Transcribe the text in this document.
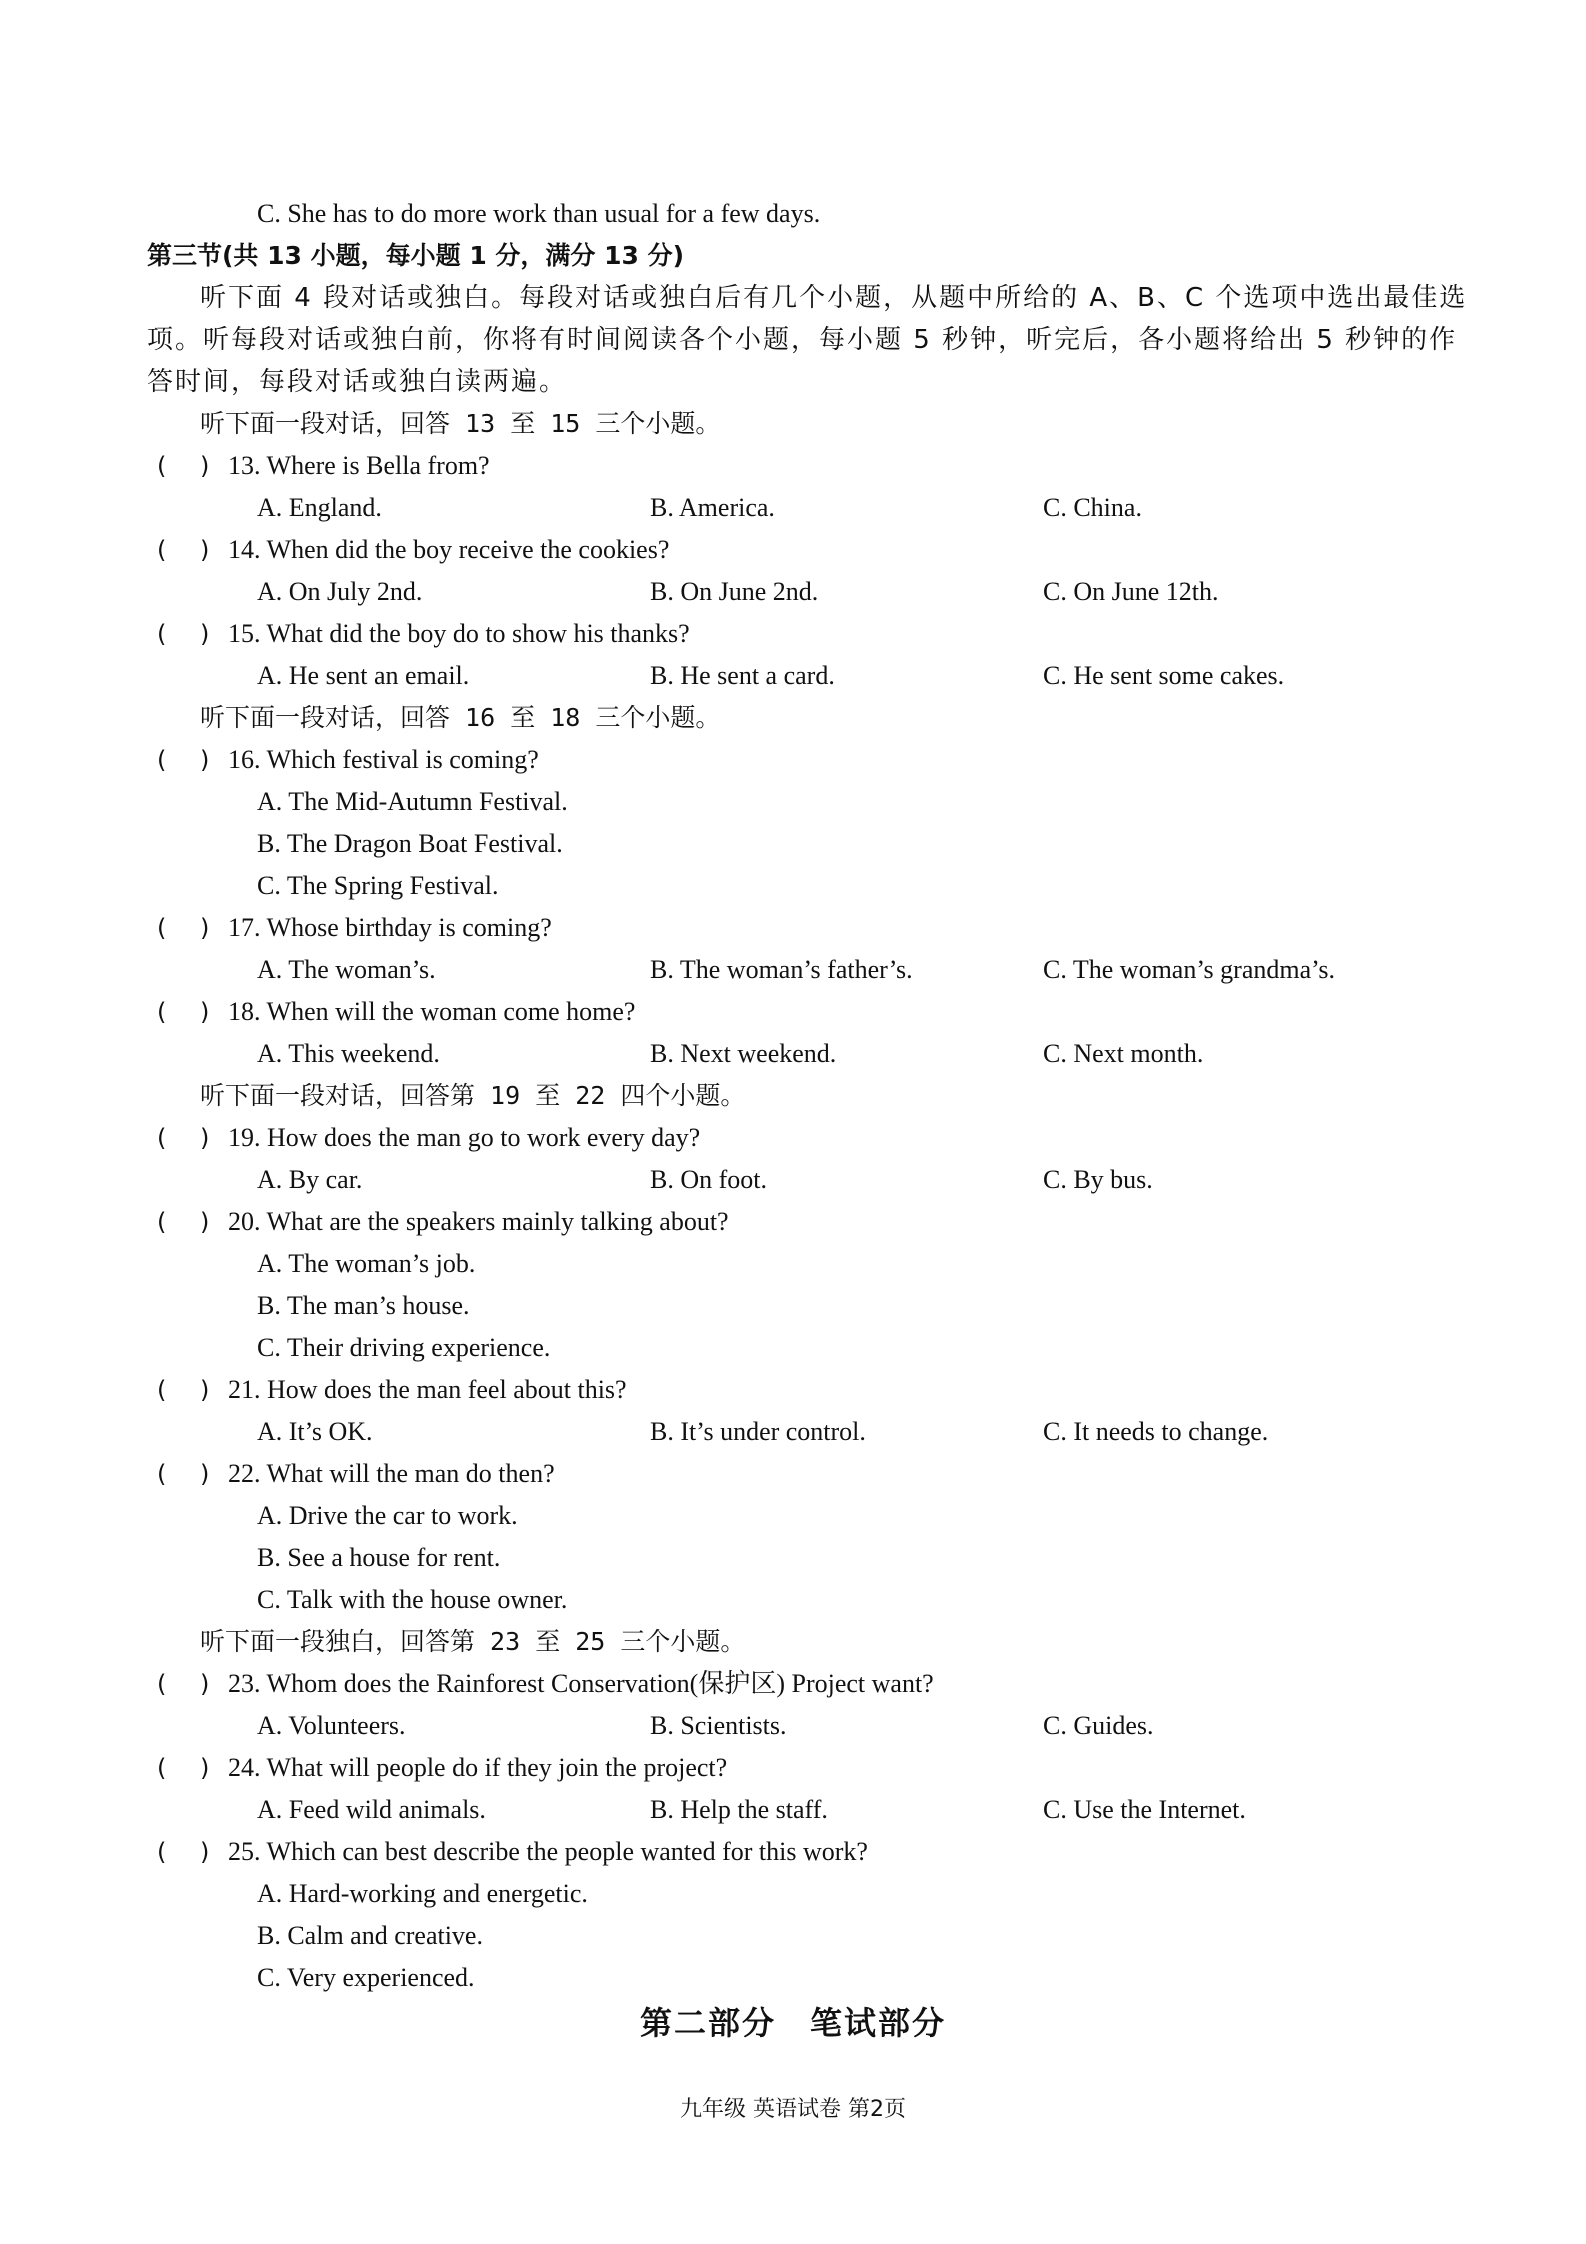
C. She has to do more work than usual for a few days.
第三节(共 13 小题，每小题 1 分，满分 13 分)
听下面 4 段对话或独白。每段对话或独白后有几个小题，从题中所给的 A、B、C 个选项中选出最佳选
项。听每段对话或独白前，你将有时间阅读各个小题，每小题 5 秒钟，听完后，各小题将给出 5 秒钟的作
答时间，每段对话或独白读两遍。
听下面一段对话，回答 13 至 15 三个小题。
( ) 13. Where is Bella from?
A. England.	B. America.	C. China.
( ) 14. When did the boy receive the cookies?
A. On July 2nd.	B. On June 2nd.	C. On June 12th.
( ) 15. What did the boy do to show his thanks?
A. He sent an email.	B. He sent a card.	C. He sent some cakes.
听下面一段对话，回答 16 至 18 三个小题。
( ) 16. Which festival is coming?
A. The Mid-Autumn Festival.
B. The Dragon Boat Festival.
C. The Spring Festival.
( ) 17. Whose birthday is coming?
A. The woman’s.	B. The woman’s father’s.	C. The woman’s grandma’s.
( ) 18. When will the woman come home?
A. This weekend.	B. Next weekend.	C. Next month.
听下面一段对话，回答第 19 至 22 四个小题。
( ) 19. How does the man go to work every day?
A. By car.	B. On foot.	C. By bus.
( ) 20. What are the speakers mainly talking about?
A. The woman’s job.
B. The man’s house.
C. Their driving experience.
( ) 21. How does the man feel about this?
A. It’s OK.	B. It’s under control.	C. It needs to change.
( ) 22. What will the man do then?
A. Drive the car to work.
B. See a house for rent.
C. Talk with the house owner.
听下面一段独白，回答第 23 至 25 三个小题。
( ) 23. Whom does the Rainforest Conservation(保护区) Project want?
A. Volunteers.	B. Scientists.	C. Guides.
( ) 24. What will people do if they join the project?
A. Feed wild animals.	B. Help the staff.	C. Use the Internet.
( ) 25. Which can best describe the people wanted for this work?
A. Hard-working and energetic.
B. Calm and creative.
C. Very experienced.
第二部分　笔试部分
九年级 英语试卷 第2页
